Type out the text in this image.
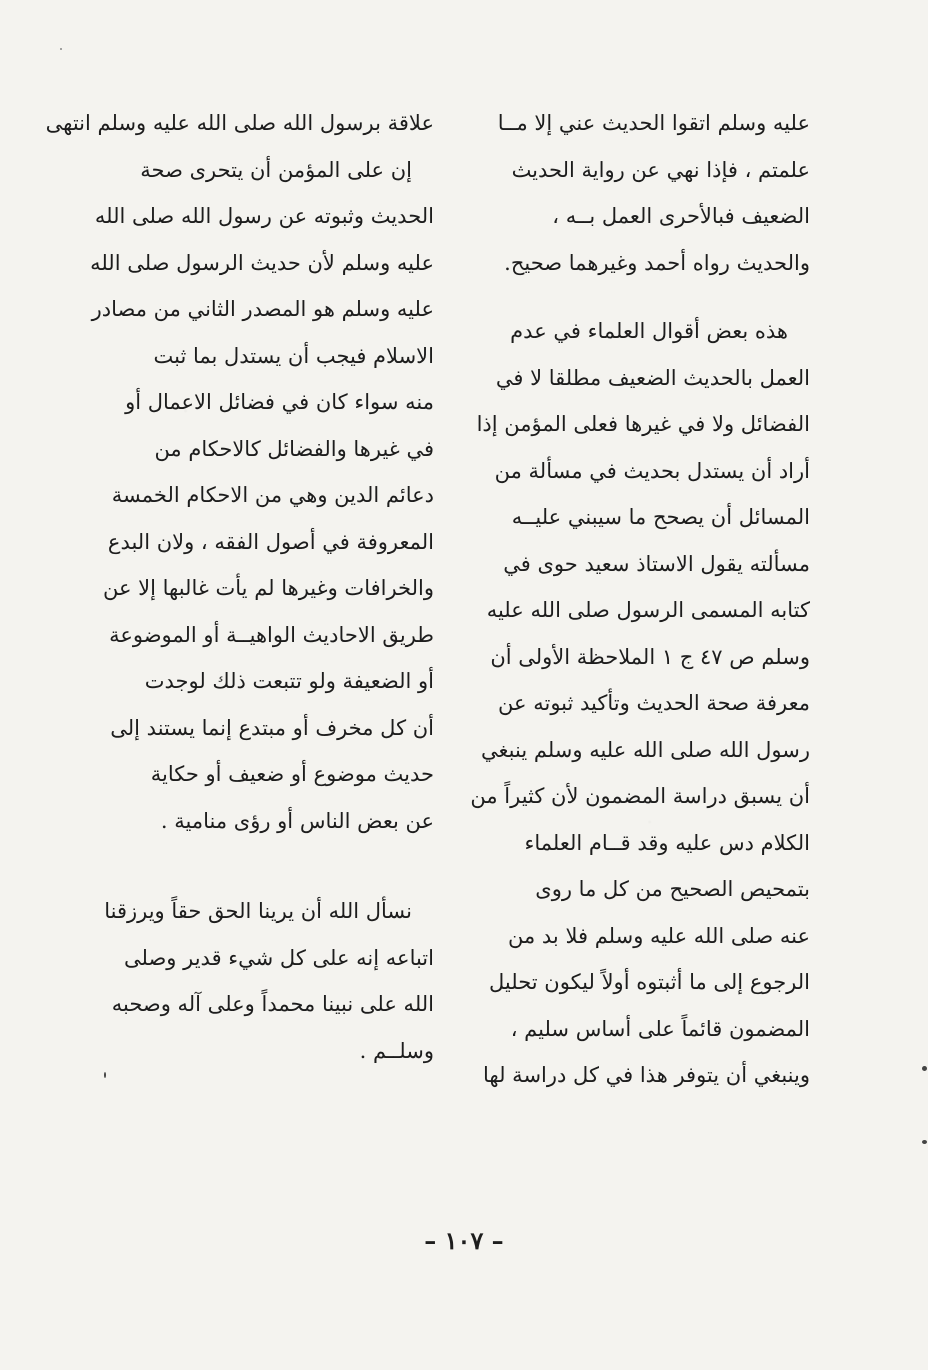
عليه وسلم اتقوا الحديث عني إلا مــا
علمتم ، فإذا نهي عن رواية الحديث
الضعيف فبالأحرى العمل بــه ،
والحديث رواه أحمد وغيرهما صحيح.
هذه بعض أقوال العلماء في عدم
العمل بالحديث الضعيف مطلقا لا في
الفضائل ولا في غيرها فعلى المؤمن إذا
أراد أن يستدل بحديث في مسألة من
المسائل أن يصحح ما سيبني عليــه
مسألته يقول الاستاذ سعيد حوى في
كتابه المسمى الرسول صلى الله عليه
وسلم ص ٤٧ ج ١ الملاحظة الأولى أن
معرفة صحة الحديث وتأكيد ثبوته عن
رسول الله صلى الله عليه وسلم ينبغي
أن يسبق دراسة المضمون لأن كثيراً من
الكلام دس عليه وقد قــام العلماء
بتمحيص الصحيح من كل ما روى
عنه صلى الله عليه وسلم فلا بد من
الرجوع إلى ما أثبتوه أولاً ليكون تحليل
المضمون قائماً على أساس سليم ،
وينبغي أن يتوفر هذا في كل دراسة لها
علاقة برسول الله صلى الله عليه وسلم انتهى
إن على المؤمن أن يتحرى صحة
الحديث وثبوته عن رسول الله صلى الله
عليه وسلم لأن حديث الرسول صلى الله
عليه وسلم هو المصدر الثاني من مصادر
الاسلام فيجب أن يستدل بما ثبت
منه سواء كان في فضائل الاعمال أو
في غيرها والفضائل كالاحكام من
دعائم الدين وهي من الاحكام الخمسة
المعروفة في أصول الفقه ، ولان البدع
والخرافات وغيرها لم يأت غالبها إلا عن
طريق الاحاديث الواهيــة أو الموضوعة
أو الضعيفة ولو تتبعت ذلك لوجدت
أن كل مخرف أو مبتدع إنما يستند إلى
حديث موضوع أو ضعيف أو حكاية
عن بعض الناس أو رؤى منامية .
نسأل الله أن يرينا الحق حقاً ويرزقنا
اتباعه إنه على كل شيء قدير وصلى
الله على نبينا محمداً وعلى آله وصحبه
وسلــم .
– ١٠٧ –
